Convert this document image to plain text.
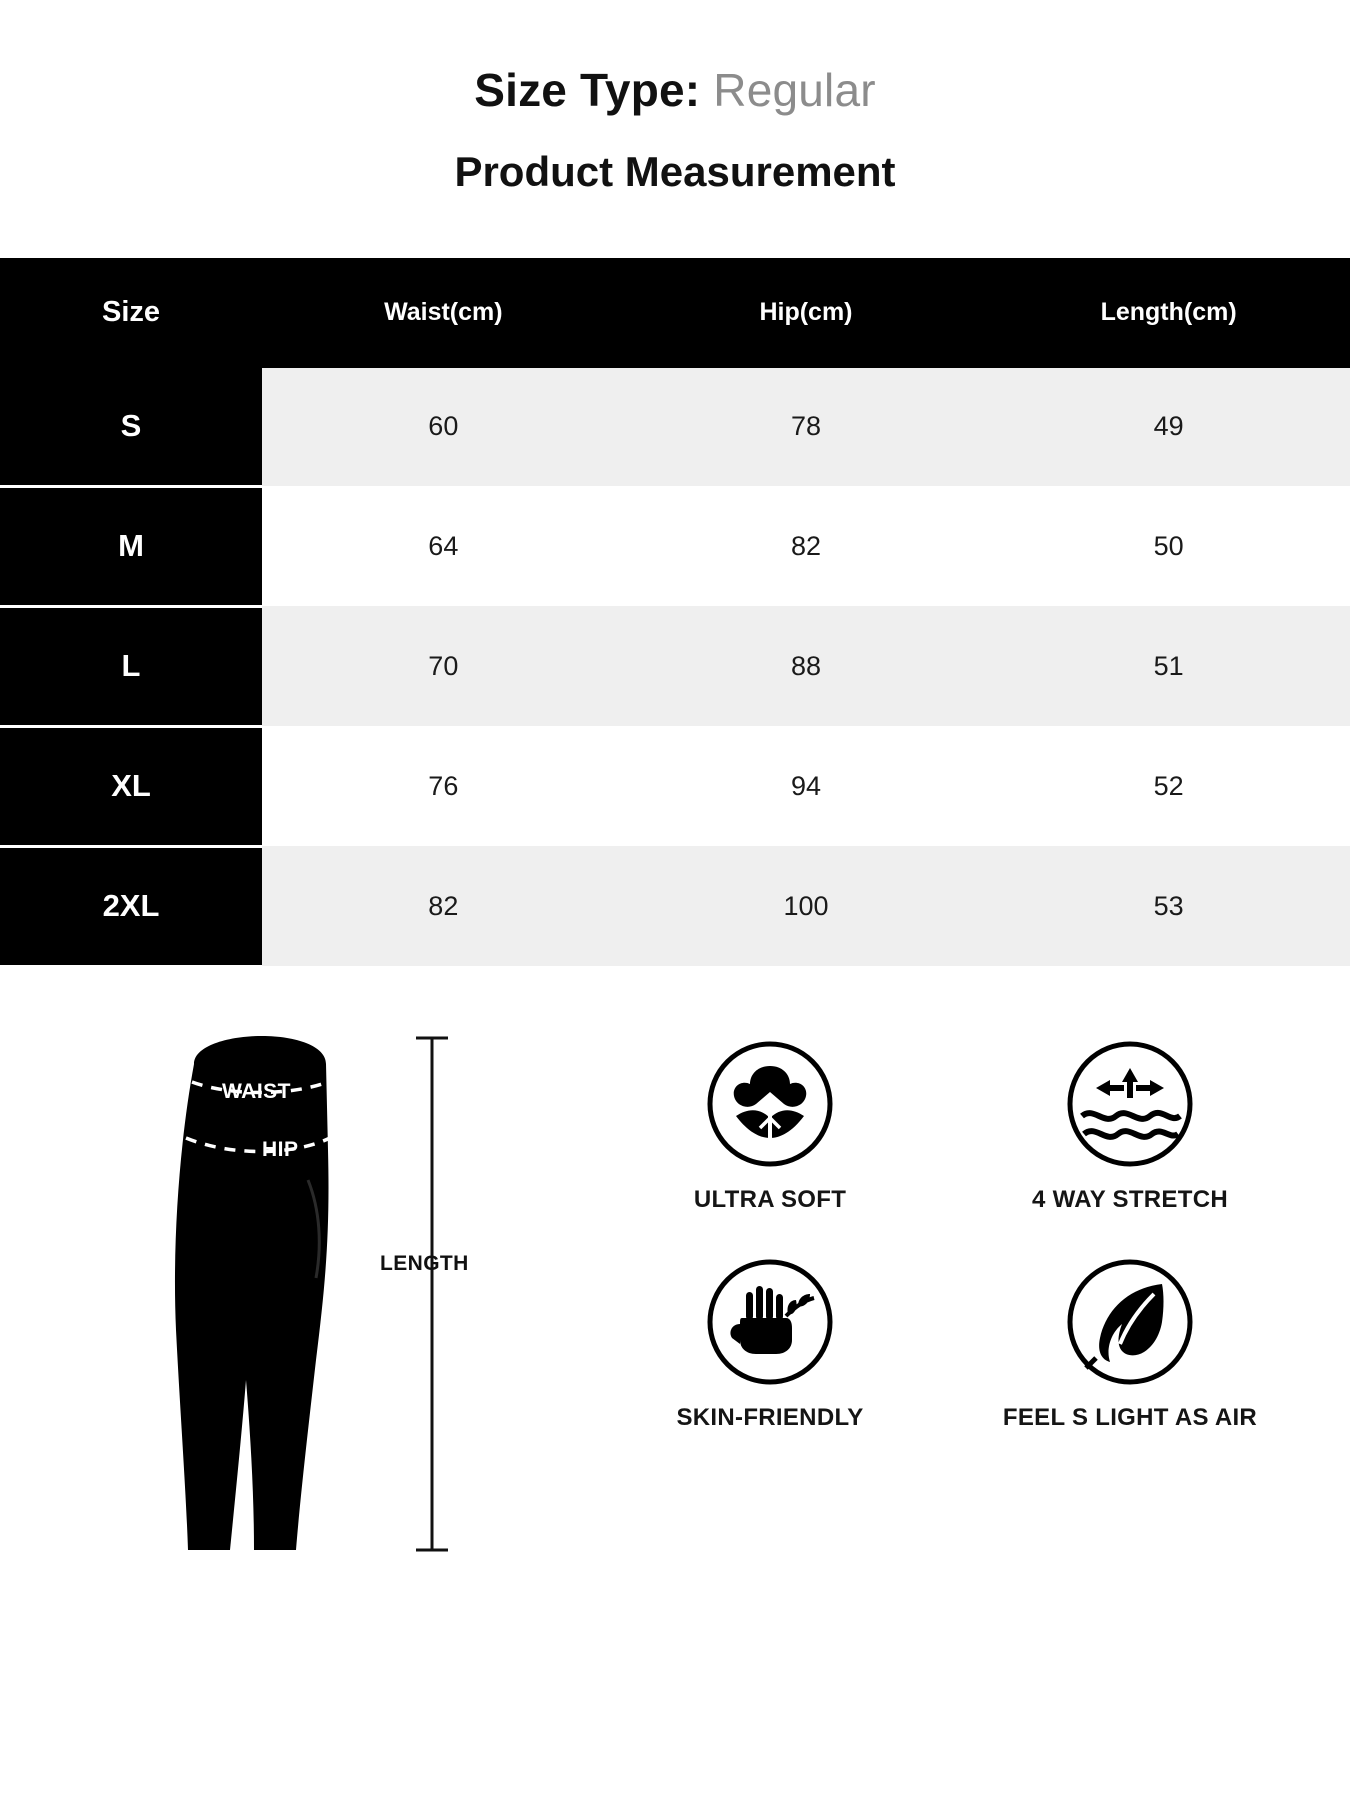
Size Type: Regular
Product Measurement
Size	Waist(cm)	Hip(cm)	Length(cm)
S	60	78	49
M	64	82	50
L	70	88	51
XL	76	94	52
2XL	82	100	53
WAIST
HIP
LENGTH
ULTRA SOFT	4 WAY STRETCH
SKIN-FRIENDLY	FEEL S LIGHT AS AIR
